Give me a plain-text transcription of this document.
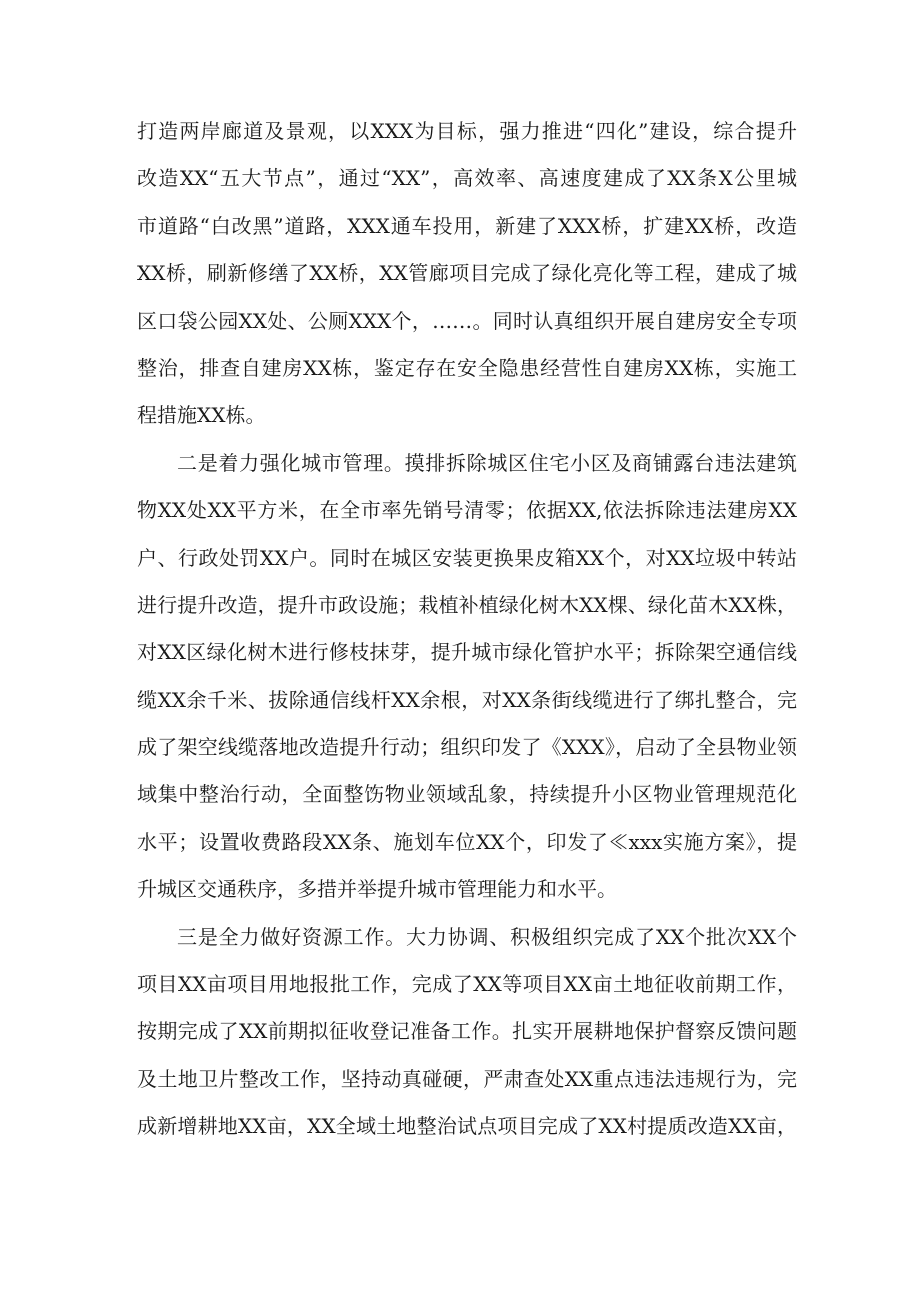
打造两岸廊道及景观，以XXX为目标，强力推进“四化”建设，综合提升
改造XX“五大节点”，通过“XX”，高效率、高速度建成了XX条X公里城
市道路“白改黑”道路，XXX通车投用，新建了XXX桥，扩建XX桥，改造
XX桥，刷新修缮了XX桥，XX管廊项目完成了绿化亮化等工程，建成了城
区口袋公园XX处、公厕XXX个，……。同时认真组织开展自建房安全专项
整治，排查自建房XX栋，鉴定存在安全隐患经营性自建房XX栋，实施工
程措施XX栋。
二是着力强化城市管理。摸排拆除城区住宅小区及商铺露台违法建筑
物XX处XX平方米，在全市率先销号清零；依据XX,依法拆除违法建房XX
户、行政处罚XX户。同时在城区安装更换果皮箱XX个，对XX垃圾中转站
进行提升改造，提升市政设施；栽植补植绿化树木XX棵、绿化苗木XX株，
对XX区绿化树木进行修枝抹芽，提升城市绿化管护水平；拆除架空通信线
缆XX余千米、拔除通信线杆XX余根，对XX条街线缆进行了绑扎整合，完
成了架空线缆落地改造提升行动；组织印发了《XXX》，启动了全县物业领
域集中整治行动，全面整饬物业领域乱象，持续提升小区物业管理规范化
水平；设置收费路段XX条、施划车位XX个，印发了≪xxx实施方案》，提
升城区交通秩序，多措并举提升城市管理能力和水平。
三是全力做好资源工作。大力协调、积极组织完成了XX个批次XX个
项目XX亩项目用地报批工作，完成了XX等项目XX亩土地征收前期工作，
按期完成了XX前期拟征收登记准备工作。扎实开展耕地保护督察反馈问题
及土地卫片整改工作，坚持动真碰硬，严肃查处XX重点违法违规行为，完
成新增耕地XX亩，XX全域土地整治试点项目完成了XX村提质改造XX亩，
